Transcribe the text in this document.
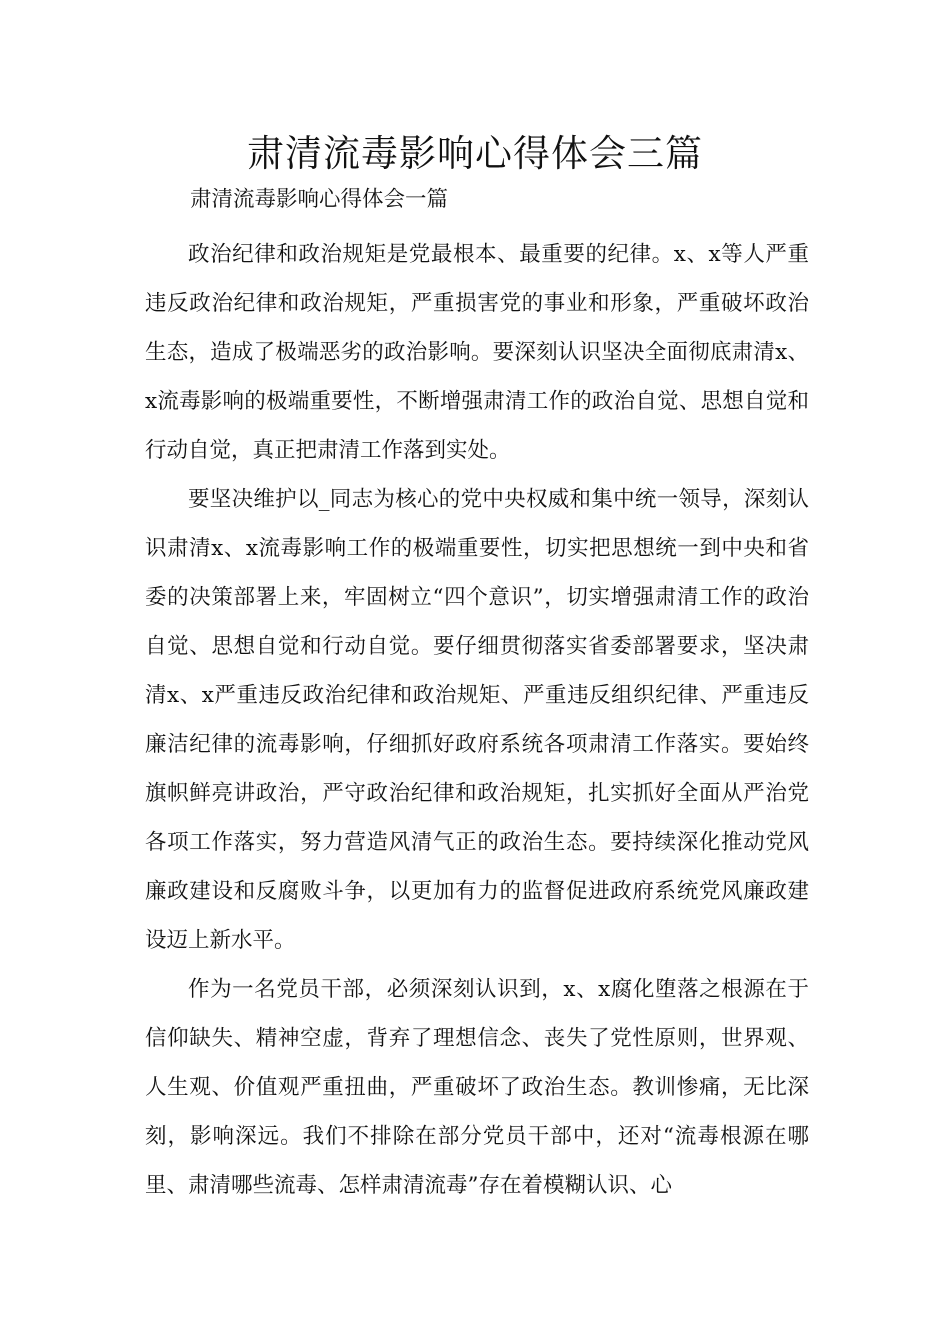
肃清流毒影响心得体会三篇

肃清流毒影响心得体会一篇

政治纪律和政治规矩是党最根本、最重要的纪律。x、x等人严重违反政治纪律和政治规矩，严重损害党的事业和形象，严重破坏政治生态，造成了极端恶劣的政治影响。要深刻认识坚决全面彻底肃清x、x流毒影响的极端重要性，不断增强肃清工作的政治自觉、思想自觉和行动自觉，真正把肃清工作落到实处。

要坚决维护以_同志为核心的党中央权威和集中统一领导，深刻认识肃清x、x流毒影响工作的极端重要性，切实把思想统一到中央和省委的决策部署上来，牢固树立“四个意识”，切实增强肃清工作的政治自觉、思想自觉和行动自觉。要仔细贯彻落实省委部署要求，坚决肃清x、x严重违反政治纪律和政治规矩、严重违反组织纪律、严重违反廉洁纪律的流毒影响，仔细抓好政府系统各项肃清工作落实。要始终旗帜鲜亮讲政治，严守政治纪律和政治规矩，扎实抓好全面从严治党各项工作落实，努力营造风清气正的政治生态。要持续深化推动党风廉政建设和反腐败斗争，以更加有力的监督促进政府系统党风廉政建设迈上新水平。

作为一名党员干部，必须深刻认识到，x、x腐化堕落之根源在于信仰缺失、精神空虚，背弃了理想信念、丧失了党性原则，世界观、人生观、价值观严重扭曲，严重破坏了政治生态。教训惨痛，无比深刻，影响深远。我们不排除在部分党员干部中，还对“流毒根源在哪里、肃清哪些流毒、怎样肃清流毒”存在着模糊认识、心
